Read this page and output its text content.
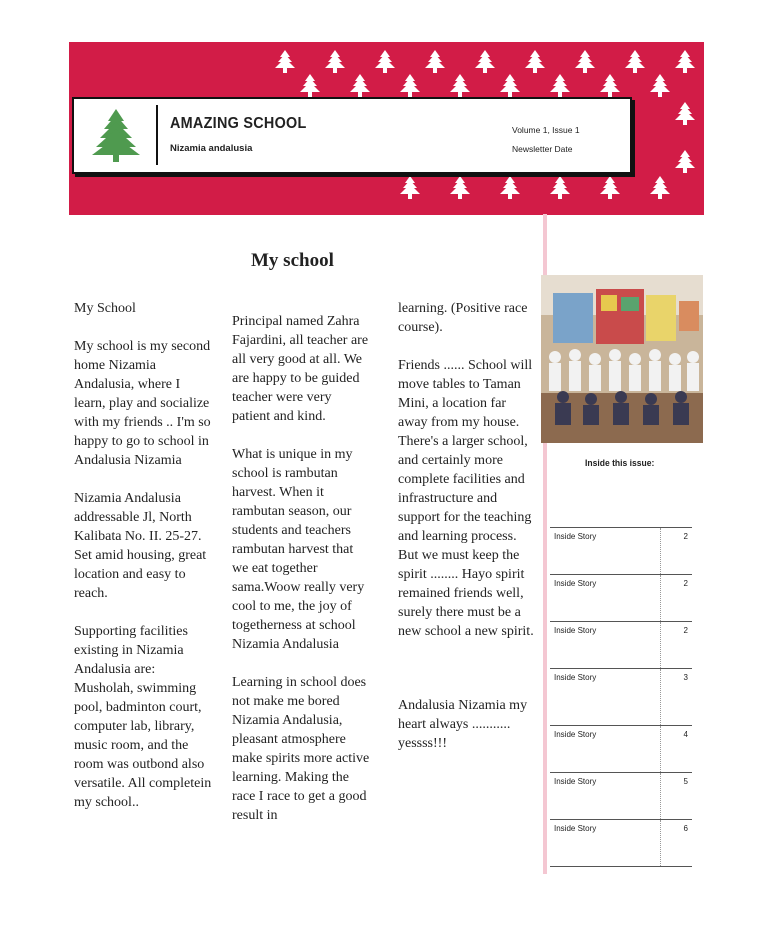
AMAZING SCHOOL
Nizamia andalusia
Volume 1, Issue 1
Newsletter Date
My school

My School

My school is my second home Nizamia Andalusia, where I learn, play and socialize with my friends .. I'm so happy to go to school in Andalusia Nizamia

Nizamia Andalusia addressable Jl, North Kalibata No. II. 25-27. Set amid housing, great location and easy to reach.

Supporting facilities existing in Nizamia Andalusia are: Musholah, swimming pool, badminton court, computer lab, library, music room, and the room was outbond also versatile. All completein my school..

Principal named Zahra Fajardini, all teacher are all very good at all. We are happy to be guided teacher were very patient and kind.

What is unique in my school is rambutan harvest. When it rambutan season, our students and teachers rambutan harvest that we eat together sama.Woow really very cool to me, the joy of togetherness at school Nizamia Andalusia

Learning in school does not make me bored Nizamia Andalusia, pleasant atmosphere make spirits more active learning. Making the race I race to get a good result in

learning. (Positive race course).

Friends ...... School will move tables to Taman Mini, a location far away from my house. There's a larger school, and certainly more complete facilities and infrastructure and support for the teaching and learning process. But we must keep the spirit ........ Hayo spirit remained friends well, surely there must be a new school a new spirit.

Andalusia Nizamia my heart always ........... yessss!!!

Inside this issue:
Inside Story	2
Inside Story	2
Inside Story	2
Inside Story	3
Inside Story	4
Inside Story	5
Inside Story	6
